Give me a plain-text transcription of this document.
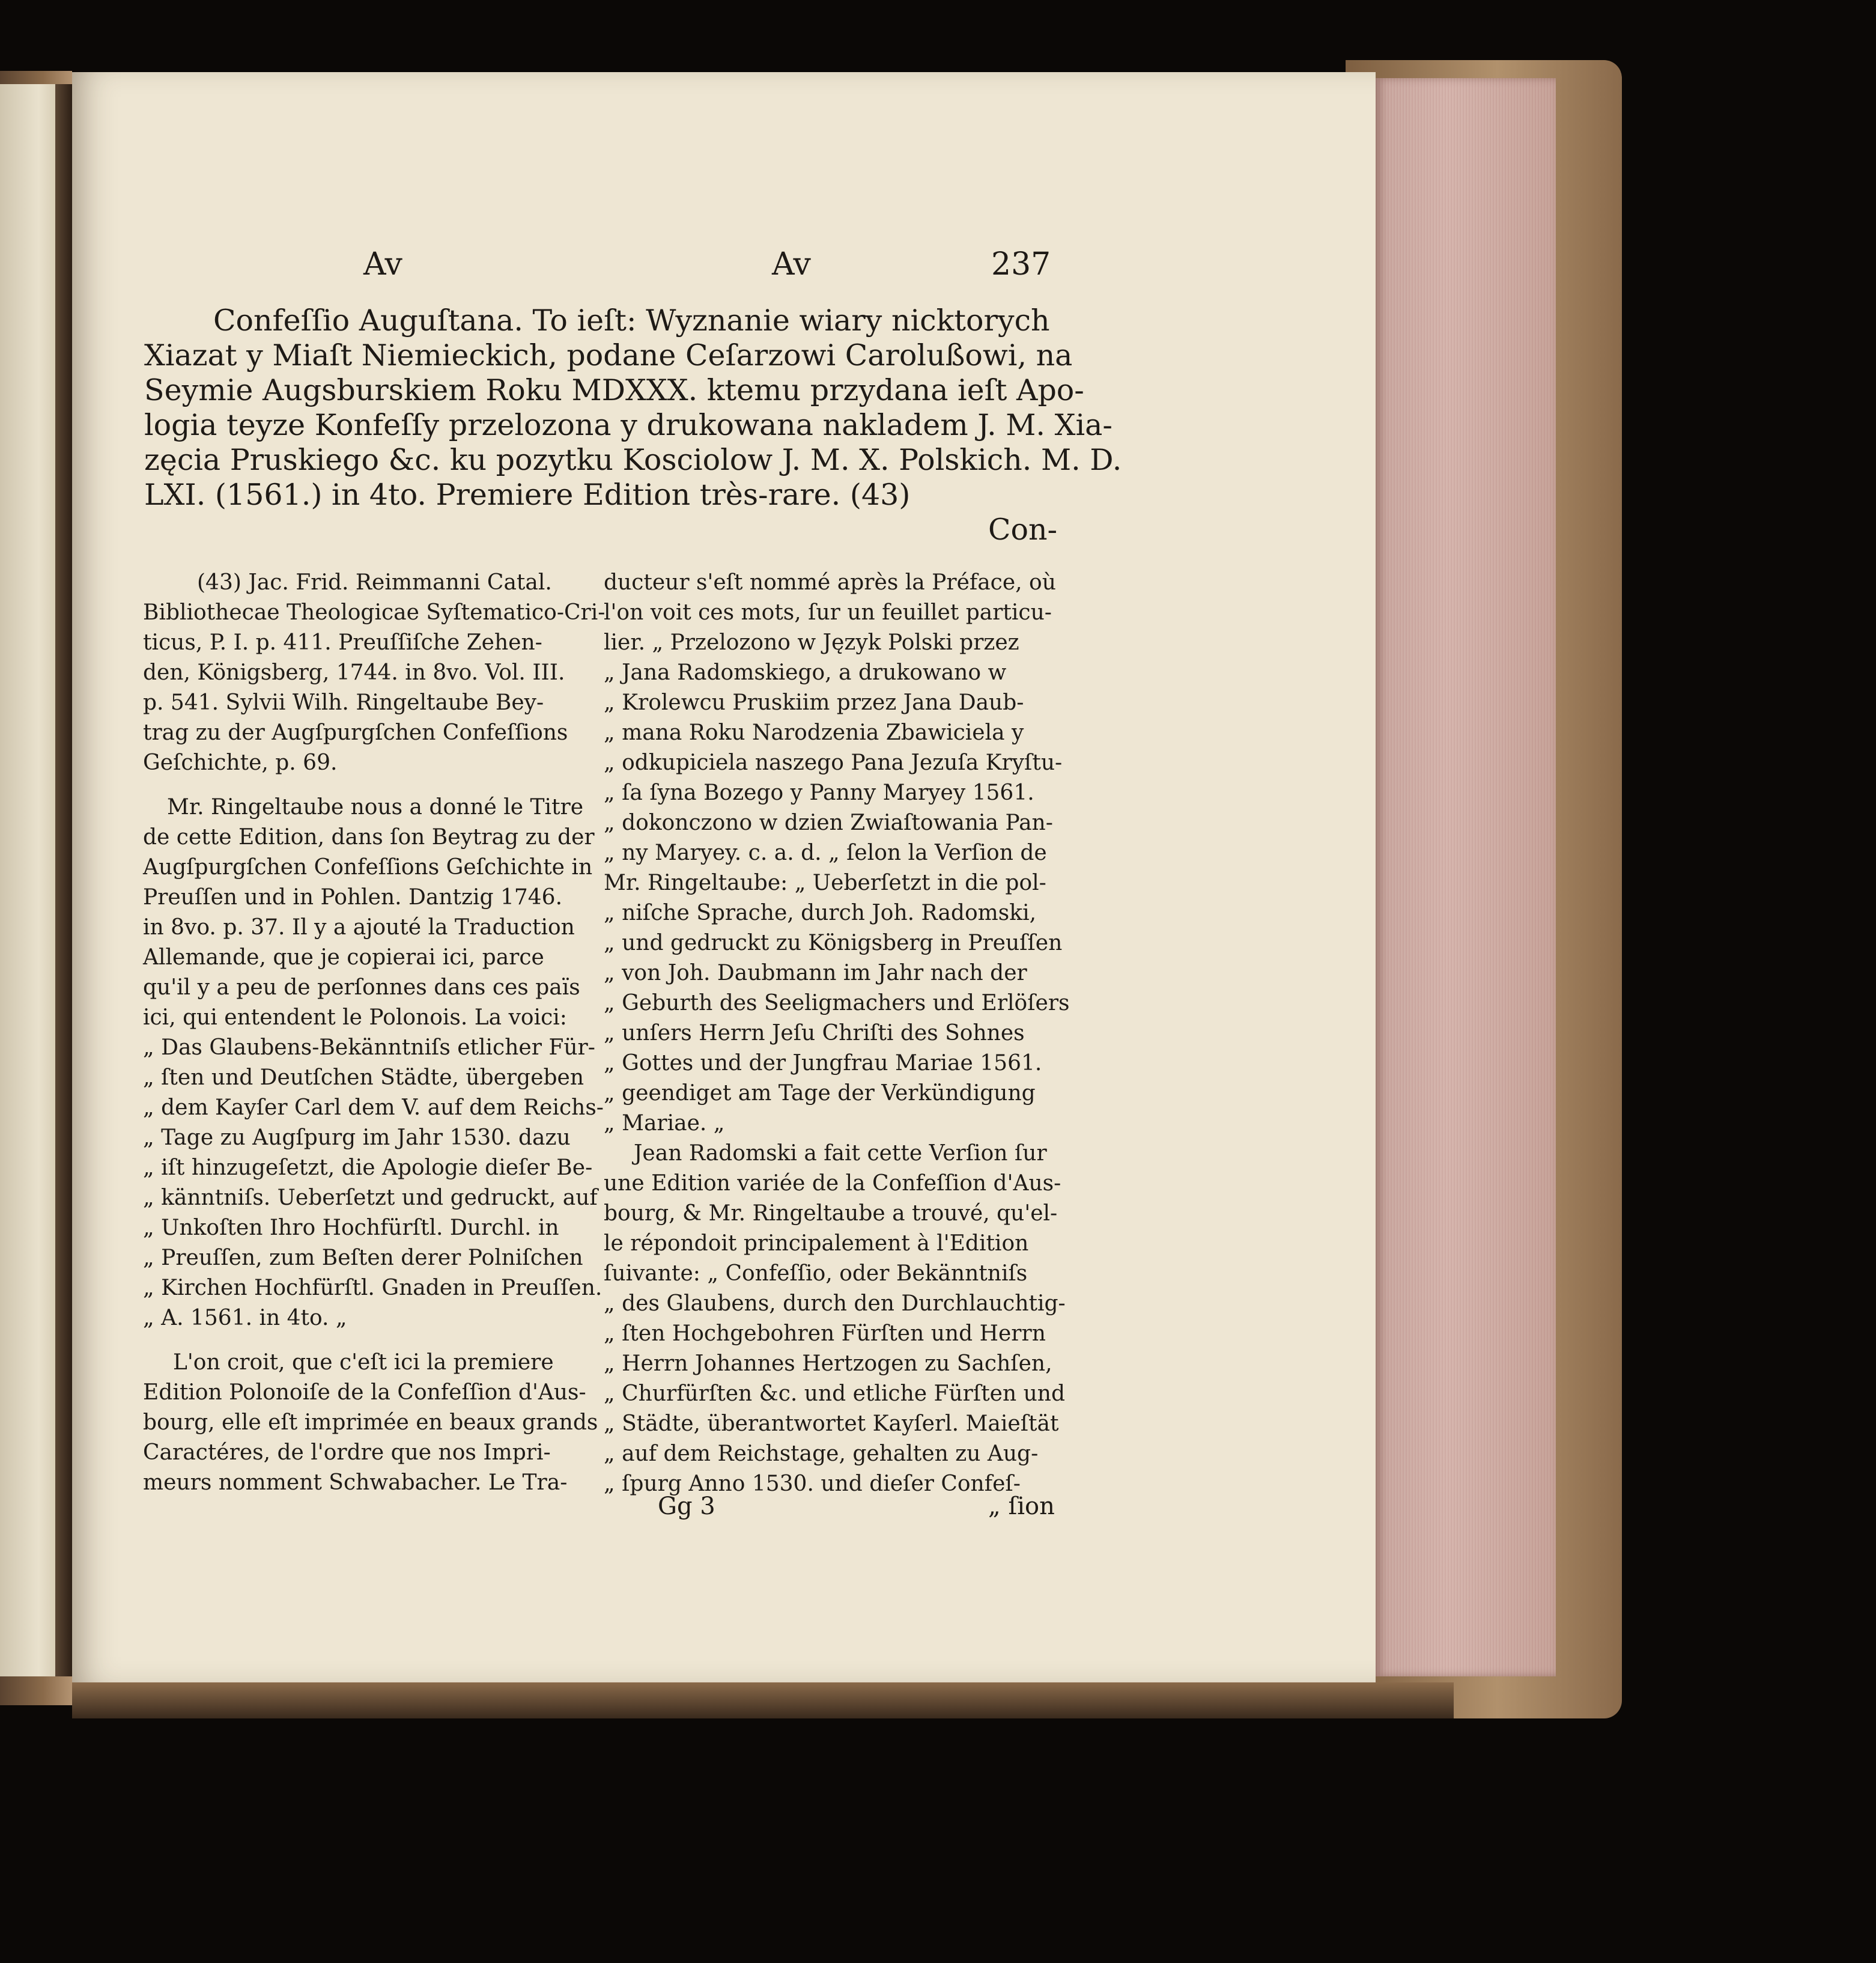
Av	Av	237
Confeſſio Auguſtana. To ieſt: Wyznanie wiary nicktorych
Xiazat y Miaſt Niemieckich, podane Ceſarzowi Carolußowi, na
Seymie Augsburskiem Roku MDXXX. ktemu przydana ieſt Apo-
logia teyze Konfeſſy przelozona y drukowana nakladem J. M. Xia-
zęcia Pruskiego &c. ku pozytku Kosciolow J. M. X. Polskich. M. D.
LXI. (1561.) in 4to. Premiere Edition très-rare. (43)
Con-
(43) Jac. Frid. Reimmanni Catal.
Bibliothecae Theologicae Syſtematico-Cri-
ticus, P. I. p. 411. Preuſſiſche Zehen-
den, Königsberg, 1744. in 8vo. Vol. III.
p. 541. Sylvii Wilh. Ringeltaube Bey-
trag zu der Augſpurgſchen Confeſſions
Geſchichte, p. 69.
Mr. Ringeltaube nous a donné le Titre
de cette Edition, dans ſon Beytrag zu der
Augſpurgſchen Confeſſions Geſchichte in
Preuſſen und in Pohlen. Dantzig 1746.
in 8vo. p. 37. Il y a ajouté la Traduction
Allemande, que je copierai ici, parce
qu'il y a peu de perſonnes dans ces païs
ici, qui entendent le Polonois. La voici:
„ Das Glaubens-Bekänntniſs etlicher Für-
„ ſten und Deutſchen Städte, übergeben
„ dem Kayſer Carl dem V. auf dem Reichs-
„ Tage zu Augſpurg im Jahr 1530. dazu
„ iſt hinzugeſetzt, die Apologie dieſer Be-
„ känntniſs. Ueberſetzt und gedruckt, auf
„ Unkoſten Ihro Hochfürſtl. Durchl. in
„ Preuſſen, zum Beſten derer Polniſchen
„ Kirchen Hochfürſtl. Gnaden in Preuſſen.
„ A. 1561. in 4to. „
L'on croit, que c'eſt ici la premiere
Edition Polonoiſe de la Confeſſion d'Aus-
bourg, elle eſt imprimée en beaux grands
Caractéres, de l'ordre que nos Impri-
meurs nomment Schwabacher. Le Tra-
ducteur s'eſt nommé après la Préface, où
l'on voit ces mots, ſur un feuillet particu-
lier. „ Przelozono w Język Polski przez
„ Jana Radomskiego, a drukowano w
„ Krolewcu Pruskiim przez Jana Daub-
„ mana Roku Narodzenia Zbawiciela y
„ odkupiciela naszego Pana Jezuſa Kryſtu-
„ ſa ſyna Bozego y Panny Maryey 1561.
„ dokonczono w dzien Zwiaſtowania Pan-
„ ny Maryey. c. a. d. „ ſelon la Verſion de
Mr. Ringeltaube: „ Ueberſetzt in die pol-
„ niſche Sprache, durch Joh. Radomski,
„ und gedruckt zu Königsberg in Preuſſen
„ von Joh. Daubmann im Jahr nach der
„ Geburth des Seeligmachers und Erlöſers
„ unſers Herrn Jeſu Chriſti des Sohnes
„ Gottes und der Jungfrau Mariae 1561.
„ geendiget am Tage der Verkündigung
„ Mariae. „
Jean Radomski a fait cette Verſion ſur
une Edition variée de la Confeſſion d'Aus-
bourg, & Mr. Ringeltaube a trouvé, qu'el-
le répondoit principalement à l'Edition
ſuivante: „ Confeſſio, oder Bekänntniſs
„ des Glaubens, durch den Durchlauchtig-
„ ſten Hochgebohren Fürſten und Herrn
„ Herrn Johannes Hertzogen zu Sachſen,
„ Churfürſten &c. und etliche Fürſten und
„ Städte, überantwortet Kayſerl. Maieſtät
„ auf dem Reichstage, gehalten zu Aug-
„ ſpurg Anno 1530. und dieſer Confeſ-
Gg 3	„ ſion
